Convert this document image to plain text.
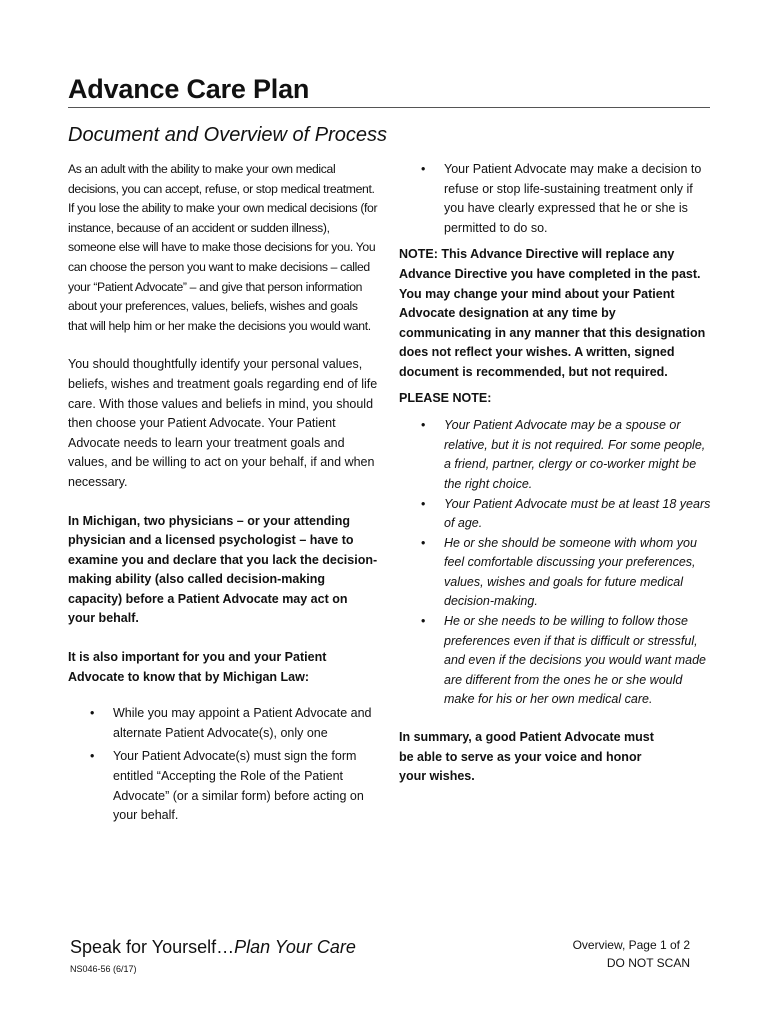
Advance Care Plan
Document and Overview of Process

As an adult with the ability to make your own medical decisions, you can accept, refuse, or stop medical treatment. If you lose the ability to make your own medical decisions (for instance, because of an accident or sudden illness), someone else will have to make those decisions for you. You can choose the person you want to make decisions – called your “Patient Advocate” – and give that person information about your preferences, values, beliefs, wishes and goals that will help him or her make the decisions you would want.

You should thoughtfully identify your personal values, beliefs, wishes and treatment goals regarding end of life care. With those values and beliefs in mind, you should then choose your Patient Advocate. Your Patient Advocate needs to learn your treatment goals and values, and be willing to act on your behalf, if and when necessary.

In Michigan, two physicians – or your attending physician and a licensed psychologist – have to examine you and declare that you lack the decision-making ability (also called decision-making capacity) before a Patient Advocate may act on your behalf.

It is also important for you and your Patient Advocate to know that by Michigan Law:

• While you may appoint a Patient Advocate and alternate Patient Advocate(s), only one
• Your Patient Advocate(s) must sign the form entitled “Accepting the Role of the Patient Advocate” (or a similar form) before acting on your behalf.
• Your Patient Advocate may make a decision to refuse or stop life-sustaining treatment only if you have clearly expressed that he or she is permitted to do so.

NOTE: This Advance Directive will replace any Advance Directive you have completed in the past. You may change your mind about your Patient Advocate designation at any time by communicating in any manner that this designation does not reflect your wishes. A written, signed document is recommended, but not required.

PLEASE NOTE:

• Your Patient Advocate may be a spouse or relative, but it is not required. For some people, a friend, partner, clergy or co-worker might be the right choice.
• Your Patient Advocate must be at least 18 years of age.
• He or she should be someone with whom you feel comfortable discussing your preferences, values, wishes and goals for future medical decision-making.
• He or she needs to be willing to follow those preferences even if that is difficult or stressful, and even if the decisions you would want made are different from the ones he or she would make for his or her own medical care.

In summary, a good Patient Advocate must be able to serve as your voice and honor your wishes.

Speak for Yourself…Plan Your Care
NS046-56 (6/17)
Overview, Page 1 of 2
DO NOT SCAN
